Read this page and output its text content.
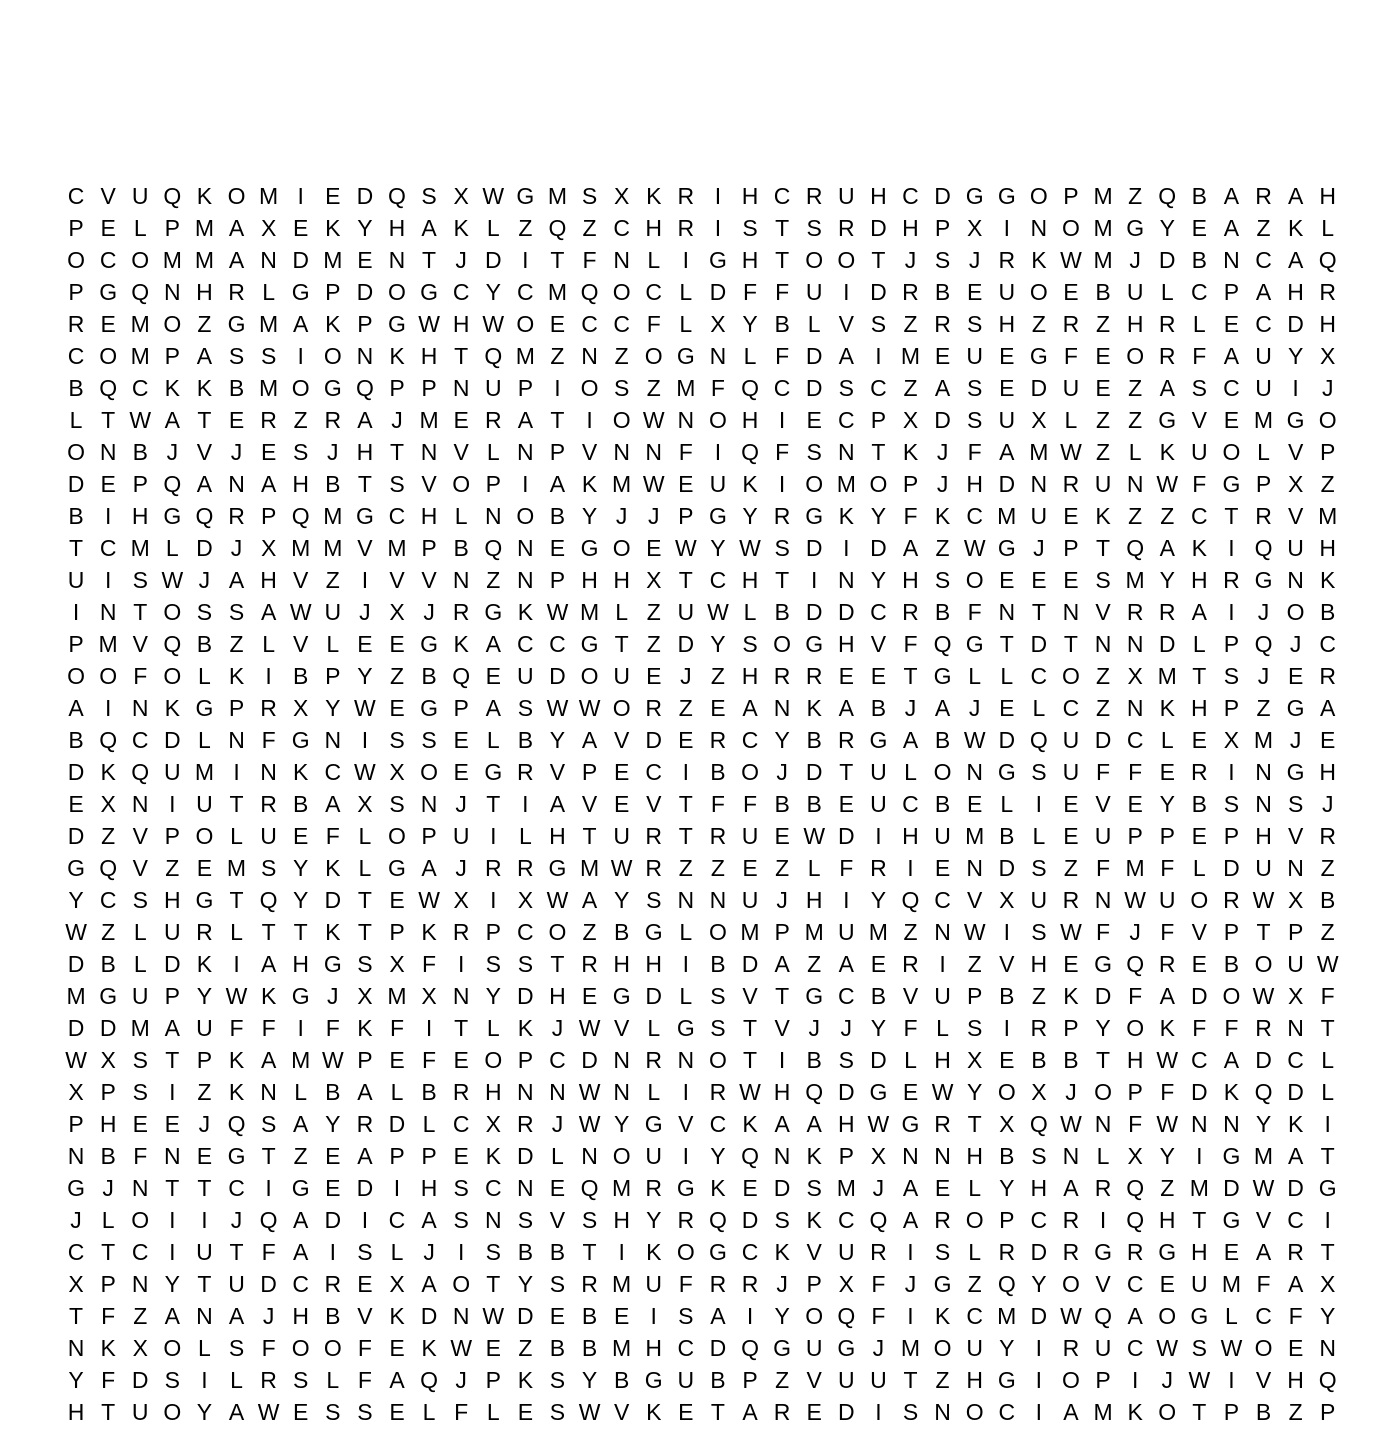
C V U Q K O M I E D Q S X W G M S X K R I H C R U H C D G G O P M Z Q B A R A H
P E L P M A X E K Y H A K L Z Q Z C H R I S T S R D H P X I N O M G Y E A Z K L
O C O M M A N D M E N T J D I T F N L I G H T O O T J S J R K W M J D B N C A Q
P G Q N H R L G P D O G C Y C M Q O C L D F F U I D R B E U O E B U L C P A H R
R E M O Z G M A K P G W H W O E C C F L X Y B L V S Z R S H Z R Z H R L E C D H
C O M P A S S I O N K H T Q M Z N Z O G N L F D A I M E U E G F E O R F A U Y X
B Q C K K B M O G Q P P N U P I O S Z M F Q C D S C Z A S E D U E Z A S C U I	J
L T W A T E R Z R A J M E R A T I O W N O H I E C P X D S U X L Z Z G V E M G O
O N B J V J E S J H T N V L N P V N N F I Q F S N T K J F A M W Z L K U O L V P
D E P Q A N A H B T S V O P I A K M W E U K I O M O P J H D N R U N W F G P X Z
B I H G Q R P Q M G C H L N O B Y J J P G Y R G K Y F K C M U E K Z Z C T R V M
T C M L D J X M M V M P B Q N E G O E W Y W S D I D A Z W G J P T Q A K I Q U H
U I S W J A H V Z I V V N Z N P H H X T C H T I N Y H S O E E E S M Y H R G N K
I N T O S S A W U J X J R G K W M L Z U W L B D D C R B F N T N V R R A I	J O B
P M V Q B Z L V L E E G K A C C G T Z D Y S O G H V F Q G T D T N N D L P Q J C
O O F O L K I B P Y Z B Q E U D O U E J Z H R R E E T G L L C O Z X M T S J E R
A I N K G P R X Y W E G P A S W W O R Z E A N K A B J A J E L C Z N K H P Z G A
B Q C D L N F G N I S S E L B Y A V D E R C Y B R G A B W D Q U D C L E X M J E
D K Q U M I N K C W X O E G R V P E C I B O J D T U L O N G S U F F E R I N G H
E X N I U T R B A X S N J T I A V E V T F F B B E U C B E L I E V E Y B S N S J
D Z V P O L U E F L O P U I L H T U R T R U E W D I H U M B L E U P P E P H V R
G Q V Z E M S Y K L G A J R R G M W R Z Z E Z L F R I E N D S Z F M F L D U N Z
Y C S H G T Q Y D T E W X I X W A Y S N N U J H I Y Q C V X U R N W U O R W X B
W Z L U R L T T K T P K R P C O Z B G L O M P M U M Z N W I S W F J F V P T P Z
D B L D K I A H G S X F I S S T R H H I B D A Z A E R I Z V H E G Q R E B O U W
M G U P Y W K G J X M X N Y D H E G D L S V T G C B V U P B Z K D F A D O W X F
D D M A U F F I F K F I T L K J W V L G S T V J J Y F L S I R P Y O K F F R N T
W X S T P K A M W P E F E O P C D N R N O T I B S D L H X E B B T H W C A D C L
X P S I Z K N L B A L B R H N N W N L I R W H Q D G E W Y O X J O P F D K Q D L
P H E E J Q S A Y R D L C X R J W Y G V C K A A H W G R T X Q W N F W N N Y K I
N B F N E G T Z E A P P E K D L N O U I Y Q N K P X N N H B S N L X Y I G M A T
G J N T T C I G E D I H S C N E Q M R G K E D S M J A E L Y H A R Q Z M D W D G
J L O I	I	J Q A D I C A S N S V S H Y R Q D S K C Q A R O P C R I Q H T G V C I
C T C I U T F A I S L J	I S B B T I K O G C K V U R I S L R D R G R G H E A R T
X P N Y T U D C R E X A O T Y S R M U F R R J P X F J G Z Q Y O V C E U M F A X
T F Z A N A J H B V K D N W D E B E I S A I Y O Q F I K C M D W Q A O G L C F Y
N K X O L S F O O F E K W E Z B B M H C D Q G U G J M O U Y I R U C W S W O E N
Y F D S I L R S L F A Q J P K S Y B G U B P Z V U U T Z H G I O P I	J W I V H Q
H T U O Y A W E S S E L F L E S W V K E T A R E D I S N O C I A M K O T P B Z P
